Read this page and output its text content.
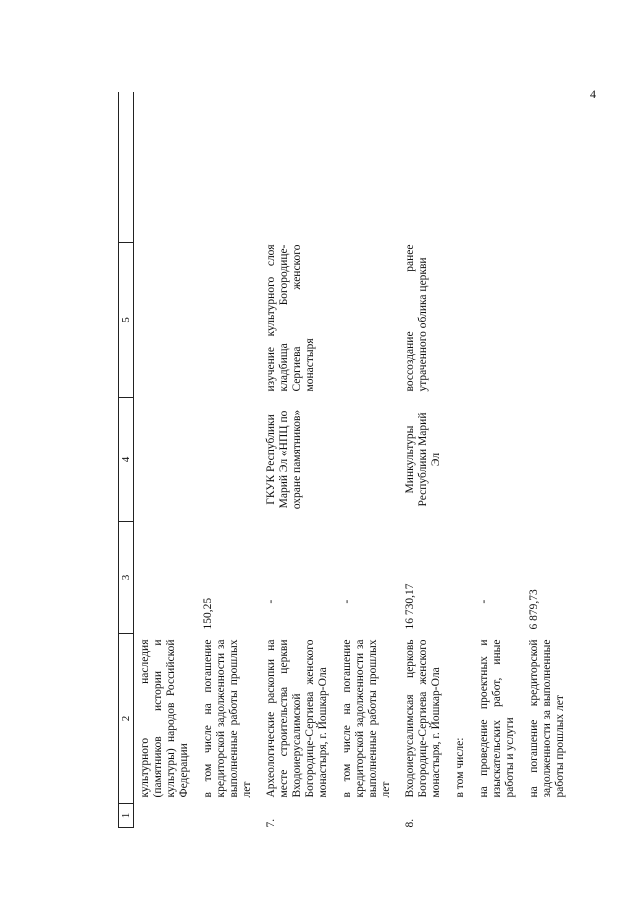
4
1	2	3	4	5	
	культурного наследия (памятников истории и культуры) народов Российской Федерации				
	в том числе на погашение кредиторской задолженности за выполненные работы прошлых лет	150,25			
7.	Археологические раскопки на месте строительства церкви Входоиерусалимской Богородице-Сергиева женского монастыря, г. Йошкар-Ола	-	ГКУК Республики Марий Эл «НПЦ по охране памятников»	изучение культурного слоя кладбища Богородице-Сергиева женского монастыря	
	в том числе на погашение кредиторской задолженности за выполненные работы прошлых лет	-			
8.	Входоиерусалимская церковь Богородице-Сергиева женского монастыря, г. Йошкар-Ола	16 730,17	Минкультуры Республики Марий Эл	воссоздание ранее утраченного облика церкви	
	в том числе:				
	на проведение проектных и изыскательских работ, иные работы и услуги	-			
	на погашение кредиторской задолженности за выполненные работы прошлых лет	6 879,73			
